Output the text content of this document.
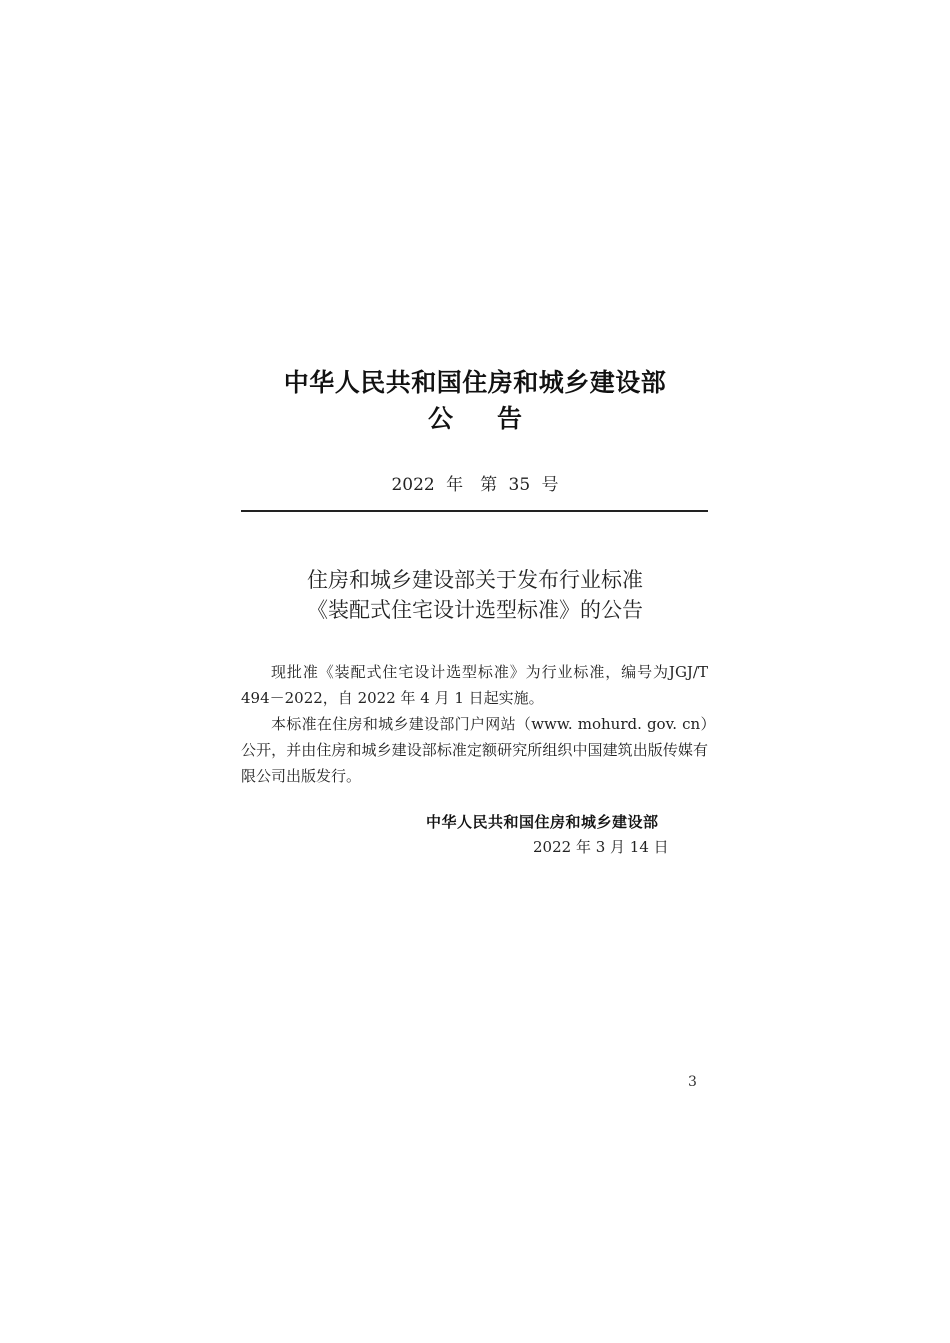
中华人民共和国住房和城乡建设部
公告
2022 年　第 35 号
住房和城乡建设部关于发布行业标准
《装配式住宅设计选型标准》的公告

现批准《装配式住宅设计选型标准》为行业标准，编号为JGJ/T 494－2022，自 2022 年 4 月 1 日起实施。

本标准在住房和城乡建设部门户网站（www. mohurd. gov. cn）公开，并由住房和城乡建设部标准定额研究所组织中国建筑出版传媒有限公司出版发行。

中华人民共和国住房和城乡建设部
2022 年 3 月 14 日
3
